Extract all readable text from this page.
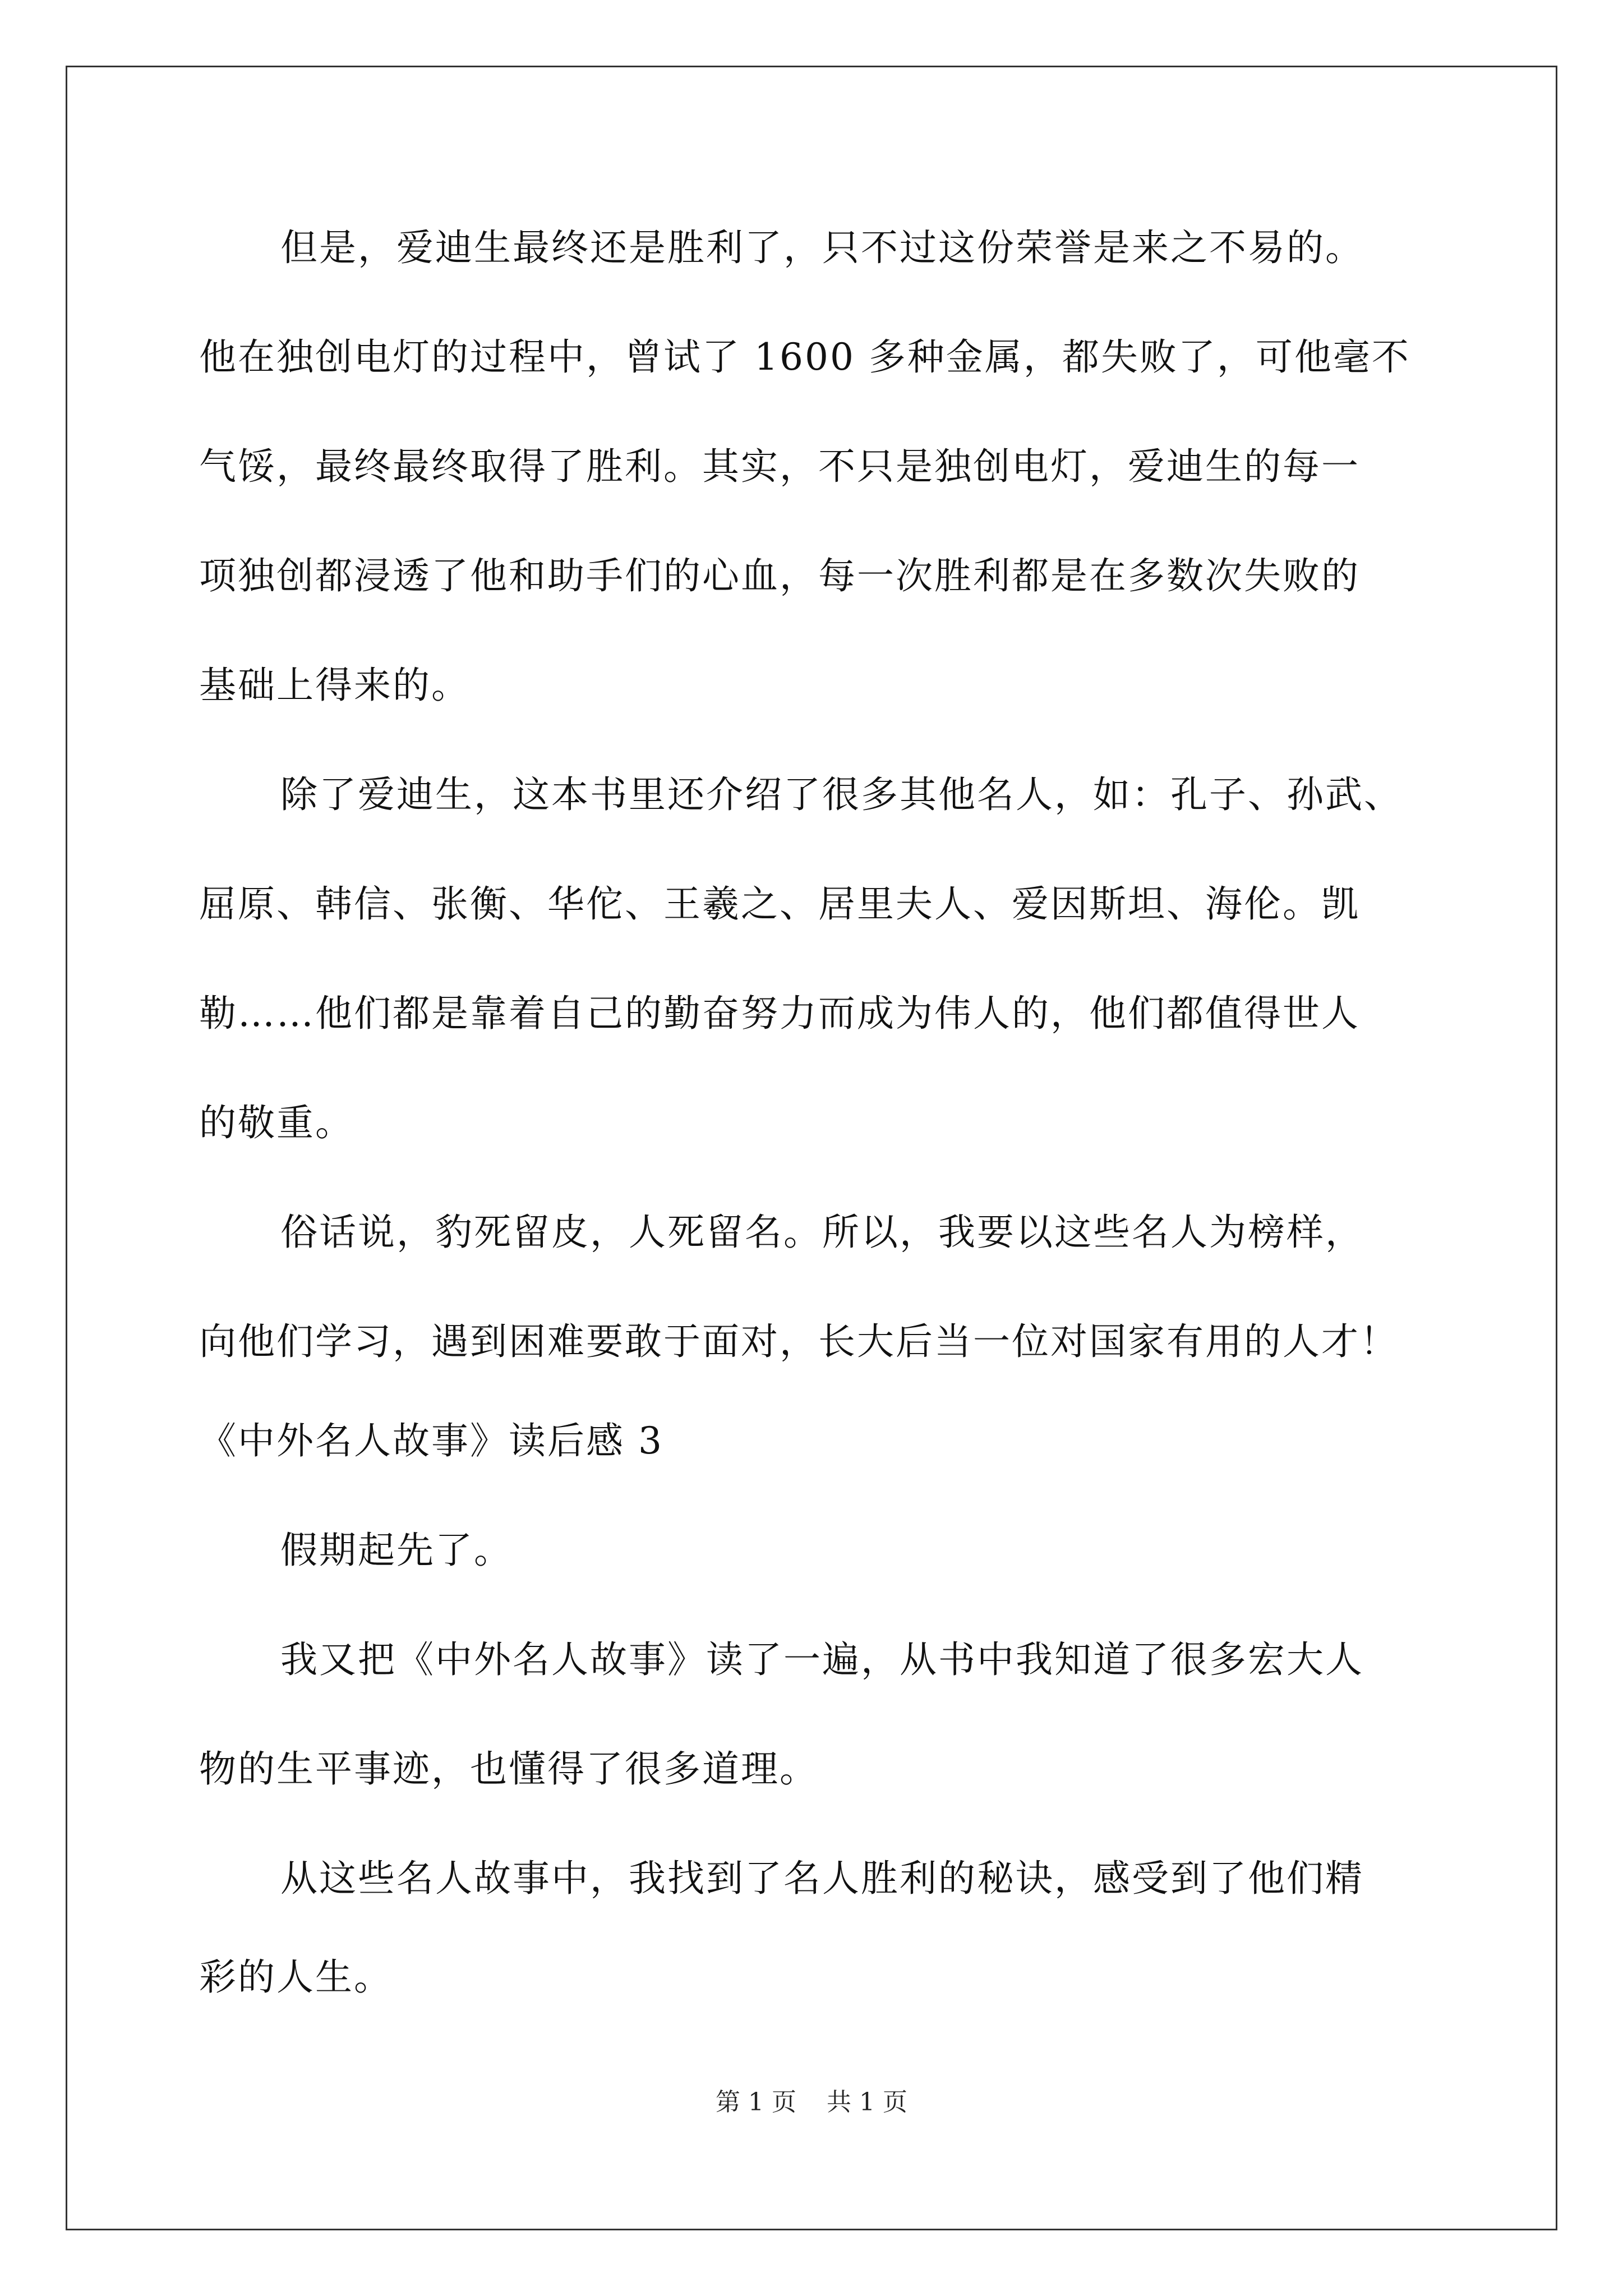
但是，爱迪生最终还是胜利了，只不过这份荣誉是来之不易的。
他在独创电灯的过程中，曾试了 1600 多种金属，都失败了，可他毫不
气馁，最终最终取得了胜利。其实，不只是独创电灯，爱迪生的每一
项独创都浸透了他和助手们的心血，每一次胜利都是在多数次失败的
基础上得来的。
除了爱迪生，这本书里还介绍了很多其他名人，如：孔子、孙武、
屈原、韩信、张衡、华佗、王羲之、居里夫人、爱因斯坦、海伦。凯
勒……他们都是靠着自己的勤奋努力而成为伟人的，他们都值得世人
的敬重。
俗话说，豹死留皮，人死留名。所以，我要以这些名人为榜样，
向他们学习，遇到困难要敢于面对，长大后当一位对国家有用的人才！
《中外名人故事》读后感 3
假期起先了。
我又把《中外名人故事》读了一遍，从书中我知道了很多宏大人
物的生平事迹，也懂得了很多道理。
从这些名人故事中，我找到了名人胜利的秘诀，感受到了他们精
彩的人生。
第 1 页 共 1 页
